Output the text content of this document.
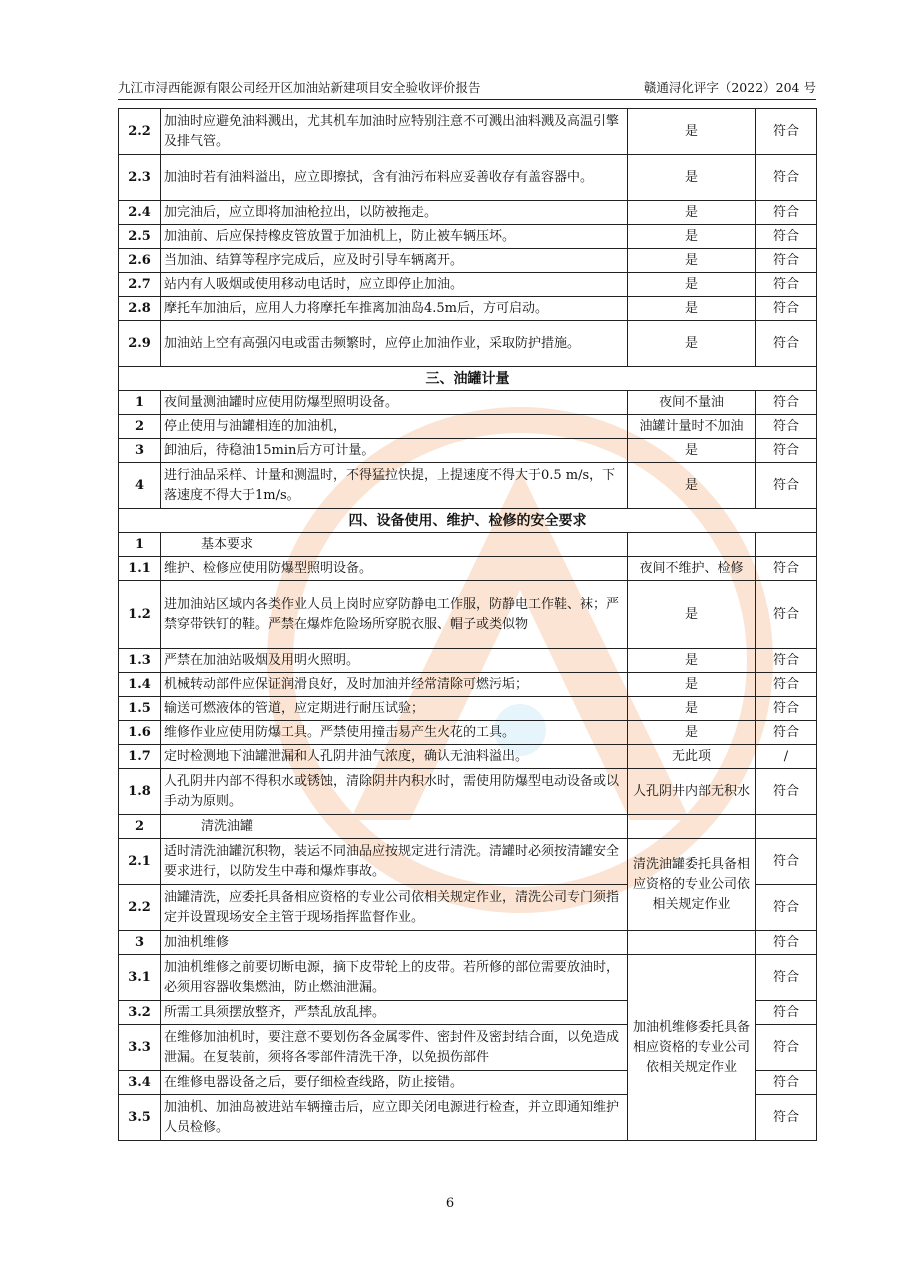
九江市浔西能源有限公司经开区加油站新建项目安全验收评价报告	赣通浔化评字（2022）204 号
2.2	加油时应避免油料溅出，尤其机车加油时应特别注意不可溅出油料溅及高温引擎及排气管。	是	符合
2.3	加油时若有油料溢出，应立即擦拭，含有油污布料应妥善收存有盖容器中。	是	符合
2.4	加完油后，应立即将加油枪拉出，以防被拖走。	是	符合
2.5	加油前、后应保持橡皮管放置于加油机上，防止被车辆压坏。	是	符合
2.6	当加油、结算等程序完成后，应及时引导车辆离开。	是	符合
2.7	站内有人吸烟或使用移动电话时，应立即停止加油。	是	符合
2.8	摩托车加油后，应用人力将摩托车推离加油岛4.5m后，方可启动。	是	符合
2.9	加油站上空有高强闪电或雷击频繁时，应停止加油作业，采取防护措施。	是	符合
三、油罐计量			
1	夜间量测油罐时应使用防爆型照明设备。	夜间不量油	符合
2	停止使用与油罐相连的加油机，	油罐计量时不加油	符合
3	卸油后，待稳油15min后方可计量。	是	符合
4	进行油品采样、计量和测温时，不得猛拉快提，上提速度不得大于0.5 m/s，下落速度不得大于1m/s。	是	符合
四、设备使用、维护、检修的安全要求			
1	基本要求		
1.1	维护、检修应使用防爆型照明设备。	夜间不维护、检修	符合
1.2	进加油站区域内各类作业人员上岗时应穿防静电工作服，防静电工作鞋、袜；严禁穿带铁钉的鞋。严禁在爆炸危险场所穿脱衣服、帽子或类似物	是	符合
1.3	严禁在加油站吸烟及用明火照明。	是	符合
1.4	机械转动部件应保证润滑良好，及时加油并经常清除可燃污垢；	是	符合
1.5	输送可燃液体的管道，应定期进行耐压试验；	是	符合
1.6	维修作业应使用防爆工具。严禁使用撞击易产生火花的工具。	是	符合
1.7	定时检测地下油罐泄漏和人孔阴井油气浓度，确认无油料溢出。	无此项	/
1.8	人孔阴井内部不得积水或锈蚀，清除阴井内积水时，需使用防爆型电动设备或以手动为原则。	人孔阴井内部无积水	符合
2	清洗油罐		
2.1	适时清洗油罐沉积物，装运不同油品应按规定进行清洗。清罐时必须按清罐安全要求进行，以防发生中毒和爆炸事故。	清洗油罐委托具备相应资格的专业公司依相关规定作业	符合
2.2	油罐清洗，应委托具备相应资格的专业公司依相关规定作业，清洗公司专门须指定并设置现场安全主管于现场指挥监督作业。		符合
3	加油机维修		符合
3.1	加油机维修之前要切断电源，摘下皮带轮上的皮带。若所修的部位需要放油时，必须用容器收集燃油，防止燃油泄漏。	加油机维修委托具备相应资格的专业公司依相关规定作业	符合
3.2	所需工具须摆放整齐，严禁乱放乱摔。		符合
3.3	在维修加油机时，要注意不要划伤各金属零件、密封件及密封结合面，以免造成泄漏。在复装前，须将各零部件清洗干净，以免损伤部件		符合
3.4	在维修电器设备之后，要仔细检查线路，防止接错。		符合
3.5	加油机、加油岛被进站车辆撞击后，应立即关闭电源进行检查，并立即通知维护人员检修。		符合
6
